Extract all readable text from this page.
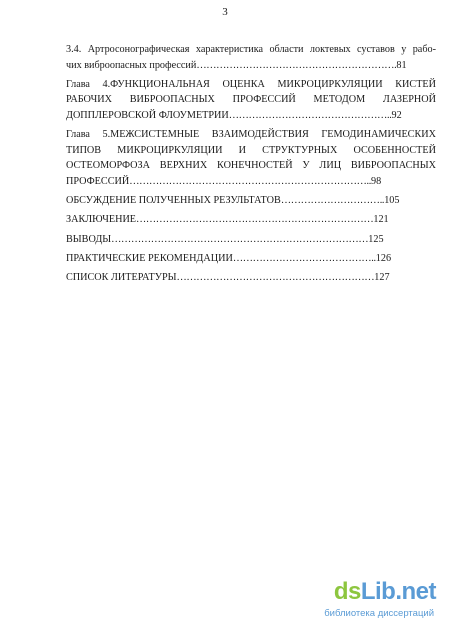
3

3.4. Артросонографическая характеристика области локтевых суставов у рабо-

чих виброопасных профессий…………………………………………………….81

Глава 4.ФУНКЦИОНАЛЬНАЯ ОЦЕНКА МИКРОЦИРКУЛЯЦИИ КИСТЕЙ

РАБОЧИХ ВИБРООПАСНЫХ ПРОФЕССИЙ МЕТОДОМ ЛАЗЕРНОЙ

ДОППЛЕРОВСКОЙ ФЛОУМЕТРИИ…………………………………………..92

Глава 5.МЕЖСИСТЕМНЫЕ ВЗАИМОДЕЙСТВИЯ ГЕМОДИНАМИЧЕСКИХ

ТИПОВ МИКРОЦИРКУЛЯЦИИ И СТРУКТУРНЫХ ОСОБЕННОСТЕЙ

ОСТЕОМОРФОЗА ВЕРХНИХ КОНЕЧНОСТЕЙ У ЛИЦ ВИБРООПАСНЫХ

ПРОФЕССИЙ………………………………………………………………..98

ОБСУЖДЕНИЕ ПОЛУЧЕННЫХ РЕЗУЛЬТАТОВ…………………………..105

ЗАКЛЮЧЕНИЕ………………………………………………………………121

ВЫВОДЫ……………………………………………………………………125

ПРАКТИЧЕСКИЕ РЕКОМЕНДАЦИИ……………………………………..126

СПИСОК ЛИТЕРАТУРЫ……………………………………………………127

dsLib.net
библиотека диссертаций
